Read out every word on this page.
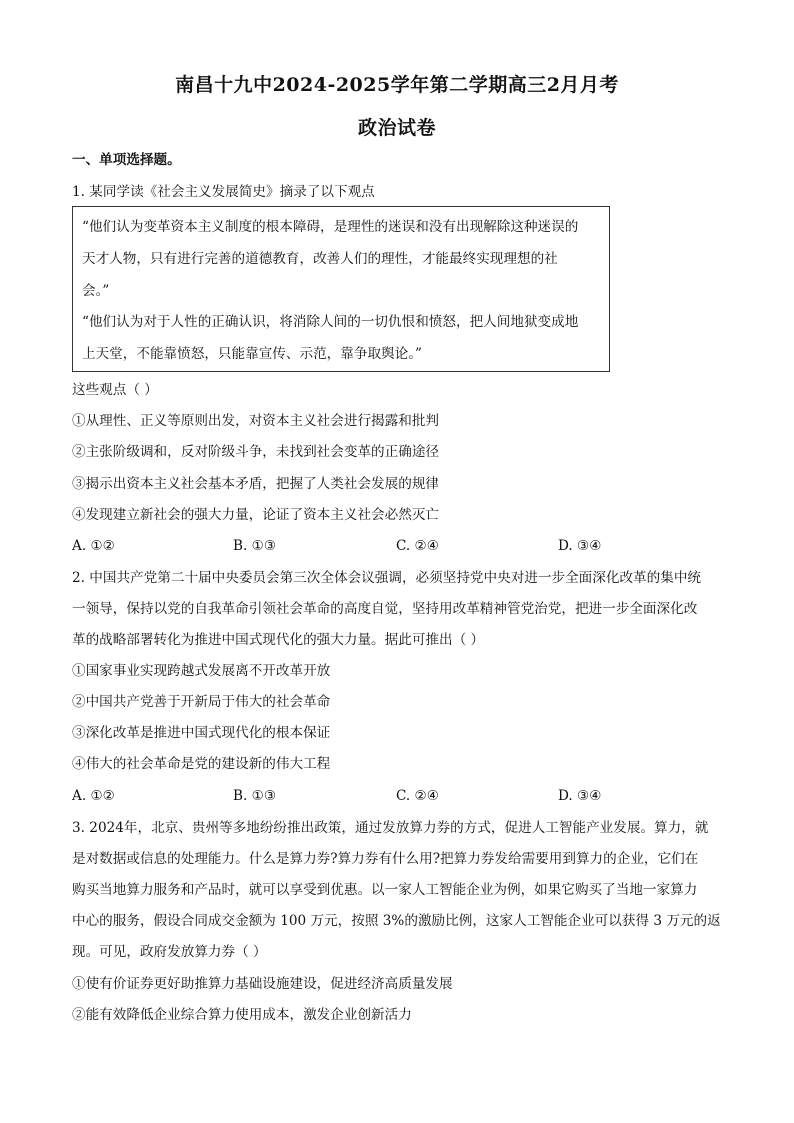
南昌十九中2024-2025学年第二学期高三2月月考
政治试卷
一、单项选择题。
1. 某同学读《社会主义发展简史》摘录了以下观点
“他们认为变革资本主义制度的根本障碍，是理性的迷误和没有出现解除这种迷误的
天才人物，只有进行完善的道德教育，改善人们的理性，才能最终实现理想的社
会。”
“他们认为对于人性的正确认识，将消除人间的一切仇恨和愤怒，把人间地狱变成地
上天堂，不能靠愤怒，只能靠宣传、示范，靠争取舆论。”
这些观点（ ）
①从理性、正义等原则出发，对资本主义社会进行揭露和批判
②主张阶级调和，反对阶级斗争，未找到社会变革的正确途径
③揭示出资本主义社会基本矛盾，把握了人类社会发展的规律
④发现建立新社会的强大力量，论证了资本主义社会必然灭亡
A. ①②	B. ①③	C. ②④	D. ③④
2. 中国共产党第二十届中央委员会第三次全体会议强调，必须坚持党中央对进一步全面深化改革的集中统
一领导，保持以党的自我革命引领社会革命的高度自觉，坚持用改革精神管党治党，把进一步全面深化改
革的战略部署转化为推进中国式现代化的强大力量。据此可推出（ ）
①国家事业实现跨越式发展离不开改革开放
②中国共产党善于开新局于伟大的社会革命
③深化改革是推进中国式现代化的根本保证
④伟大的社会革命是党的建设新的伟大工程
A. ①②	B. ①③	C. ②④	D. ③④
3. 2024年，北京、贵州等多地纷纷推出政策，通过发放算力券的方式，促进人工智能产业发展。算力，就
是对数据或信息的处理能力。什么是算力券?算力券有什么用?把算力券发给需要用到算力的企业，它们在
购买当地算力服务和产品时，就可以享受到优惠。以一家人工智能企业为例，如果它购买了当地一家算力
中心的服务，假设合同成交金额为 100 万元，按照 3%的激励比例，这家人工智能企业可以获得 3 万元的返
现。可见，政府发放算力券（ ）
①使有价证券更好助推算力基础设施建设，促进经济高质量发展
②能有效降低企业综合算力使用成本，激发企业创新活力
